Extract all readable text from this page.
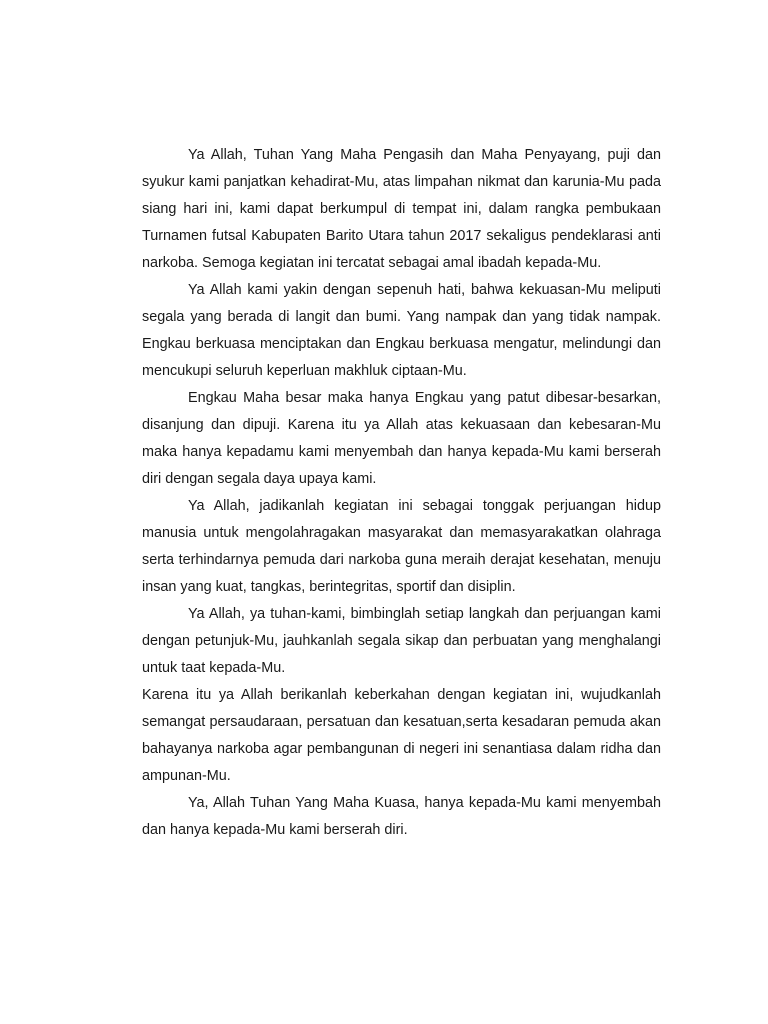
Ya Allah, Tuhan Yang Maha Pengasih dan Maha Penyayang, puji dan syukur kami panjatkan kehadirat-Mu, atas limpahan nikmat dan karunia-Mu pada siang hari ini, kami dapat berkumpul di tempat ini, dalam rangka pembukaan Turnamen futsal Kabupaten Barito Utara tahun 2017 sekaligus pendeklarasi anti narkoba. Semoga kegiatan ini tercatat sebagai amal ibadah kepada-Mu.

Ya Allah kami yakin dengan sepenuh hati, bahwa kekuasan-Mu meliputi segala yang berada di langit dan bumi. Yang nampak dan yang tidak nampak. Engkau berkuasa menciptakan dan Engkau berkuasa mengatur, melindungi dan mencukupi seluruh keperluan makhluk ciptaan-Mu.

Engkau Maha besar maka hanya Engkau yang patut dibesar-besarkan, disanjung dan dipuji. Karena itu ya Allah atas kekuasaan dan kebesaran-Mu maka hanya kepadamu kami menyembah dan hanya kepada-Mu kami berserah diri dengan segala daya upaya kami.

Ya Allah, jadikanlah kegiatan ini sebagai tonggak perjuangan hidup manusia untuk mengolahragakan masyarakat dan memasyarakatkan olahraga serta terhindarnya pemuda dari narkoba guna meraih derajat kesehatan, menuju insan yang kuat, tangkas, berintegritas, sportif dan disiplin.

Ya Allah, ya tuhan-kami, bimbinglah setiap langkah dan perjuangan kami dengan petunjuk-Mu, jauhkanlah segala sikap dan perbuatan yang menghalangi untuk taat kepada-Mu.

Karena itu ya Allah berikanlah keberkahan dengan kegiatan ini, wujudkanlah semangat persaudaraan, persatuan dan kesatuan,serta kesadaran pemuda akan bahayanya narkoba agar pembangunan di negeri ini senantiasa dalam ridha dan ampunan-Mu.

Ya, Allah Tuhan Yang Maha Kuasa, hanya kepada-Mu kami menyembah dan hanya kepada-Mu kami berserah diri.
